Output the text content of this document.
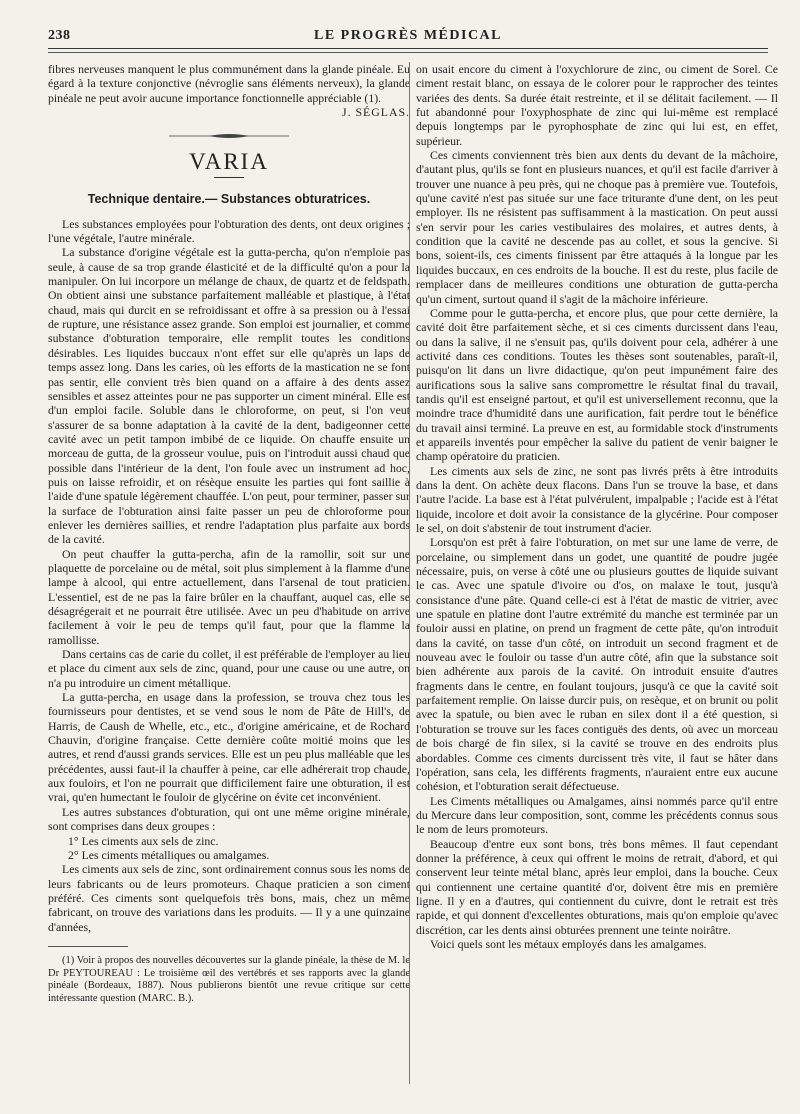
238	LE PROGRÈS MÉDICAL

fibres nerveuses manquent le plus communément dans la glande pinéale. Eu égard à la texture conjonctive (névroglie sans éléments nerveux), la glande pinéale ne peut avoir aucune importance fonctionnelle appréciable (1).

J. SÉGLAS.
VARIA
Technique dentaire.— Substances obturatrices.

Les substances employées pour l'obturation des dents, ont deux origines ; l'une végétale, l'autre minérale.

La substance d'origine végétale est la gutta-percha, qu'on n'emploie pas seule, à cause de sa trop grande élasticité et de la difficulté qu'on a pour la manipuler. On lui incorpore un mélange de chaux, de quartz et de feldspath. On obtient ainsi une substance parfaitement malléable et plastique, à l'état chaud, mais qui durcit en se refroidissant et offre à sa pression ou à l'essai de rupture, une résistance assez grande. Son emploi est journalier, et comme substance d'obturation temporaire, elle remplit toutes les conditions désirables. Les liquides buccaux n'ont effet sur elle qu'après un laps de temps assez long. Dans les caries, où les efforts de la mastication ne se font pas sentir, elle convient très bien quand on a affaire à des dents assez sensibles et assez atteintes pour ne pas supporter un ciment minéral. Elle est d'un emploi facile. Soluble dans le chloroforme, on peut, si l'on veut s'assurer de sa bonne adaptation à la cavité de la dent, badigeonner cette cavité avec un petit tampon imbibé de ce liquide. On chauffe ensuite un morceau de gutta, de la grosseur voulue, puis on l'introduit aussi chaud que possible dans l'intérieur de la dent, l'on foule avec un instrument ad hoc, puis on laisse refroidir, et on résèque ensuite les parties qui font saillie à l'aide d'une spatule légèrement chauffée. L'on peut, pour terminer, passer sur la surface de l'obturation ainsi faite passer un peu de chloroforme pour enlever les dernières saillies, et rendre l'adaptation plus parfaite aux bords de la cavité.

On peut chauffer la gutta-percha, afin de la ramollir, soit sur une plaquette de porcelaine ou de métal, soit plus simplement à la flamme d'une lampe à alcool, qui entre actuellement, dans l'arsenal de tout praticien. L'essentiel, est de ne pas la faire brûler en la chauffant, auquel cas, elle se désagrégerait et ne pourrait être utilisée. Avec un peu d'habitude on arrive facilement à voir le peu de temps qu'il faut, pour que la flamme la ramollisse.

Dans certains cas de carie du collet, il est préférable de l'employer au lieu et place du ciment aux sels de zinc, quand, pour une cause ou une autre, on n'a pu introduire un ciment métallique.

La gutta-percha, en usage dans la profession, se trouva chez tous les fournisseurs pour dentistes, et se vend sous le nom de Pâte de Hill's, de Harris, de Caush de Whelle, etc., etc., d'origine américaine, et de Rochard Chauvin, d'origine française. Cette dernière coûte moitié moins que les autres, et rend d'aussi grands services. Elle est un peu plus malléable que les précédentes, aussi faut-il la chauffer à peine, car elle adhérerait trop chaude, aux fouloirs, et l'on ne pourrait que difficilement faire une obturation, il est vrai, qu'en humectant le fouloir de glycérine on évite cet inconvénient.

Les autres substances d'obturation, qui ont une même origine minérale, sont comprises dans deux groupes :

1° Les ciments aux sels de zinc.

2° Les ciments métalliques ou amalgames.

Les ciments aux sels de zinc, sont ordinairement connus sous les noms de leurs fabricants ou de leurs promoteurs. Chaque praticien a son ciment préféré. Ces ciments sont quelquefois très bons, mais, chez un même fabricant, on trouve des variations dans les produits. — Il y a une quinzaine d'années,

(1) Voir à propos des nouvelles découvertes sur la glande pinéale, la thèse de M. le Dr PEYTOUREAU : Le troisième œil des vertébrés et ses rapports avec la glande pinéale (Bordeaux, 1887). Nous publierons bientôt une revue critique sur cette intéressante question (MARC. B.).

on usait encore du ciment à l'oxychlorure de zinc, ou ciment de Sorel. Ce ciment restait blanc, on essaya de le colorer pour le rapprocher des teintes variées des dents. Sa durée était restreinte, et il se délitait facilement. — Il fut abandonné pour l'oxyphosphate de zinc qui lui-même est remplacé depuis longtemps par le pyrophosphate de zinc qui lui est, en effet, supérieur.

Ces ciments conviennent très bien aux dents du devant de la mâchoire, d'autant plus, qu'ils se font en plusieurs nuances, et qu'il est facile d'arriver à trouver une nuance à peu près, qui ne choque pas à première vue. Toutefois, qu'une cavité n'est pas située sur une face triturante d'une dent, on les peut employer. Ils ne résistent pas suffisamment à la mastication. On peut aussi s'en servir pour les caries vestibulaires des molaires, et autres dents, à condition que la cavité ne descende pas au collet, et sous la gencive. Si bons, soient-ils, ces ciments finissent par être attaqués à la longue par les liquides buccaux, en ces endroits de la bouche. Il est du reste, plus facile de remplacer dans de meilleures conditions une obturation de gutta-percha qu'un ciment, surtout quand il s'agit de la mâchoire inférieure.

Comme pour le gutta-percha, et encore plus, que pour cette dernière, la cavité doit être parfaitement sèche, et si ces ciments durcissent dans l'eau, ou dans la salive, il ne s'ensuit pas, qu'ils doivent pour cela, adhérer à une activité dans ces conditions. Toutes les thèses sont soutenables, paraît-il, puisqu'on lit dans un livre didactique, qu'on peut impunément faire des aurifications sous la salive sans compromettre le résultat final du travail, tandis qu'il est enseigné partout, et qu'il est universellement reconnu, que la moindre trace d'humidité dans une aurification, fait perdre tout le bénéfice du travail ainsi terminé. La preuve en est, au formidable stock d'instruments et appareils inventés pour empêcher la salive du patient de venir baigner le champ opératoire du praticien.

Les ciments aux sels de zinc, ne sont pas livrés prêts à être introduits dans la dent. On achète deux flacons. Dans l'un se trouve la base, et dans l'autre l'acide. La base est à l'état pulvérulent, impalpable ; l'acide est à l'état liquide, incolore et doit avoir la consistance de la glycérine. Pour composer le sel, on doit s'abstenir de tout instrument d'acier.

Lorsqu'on est prêt à faire l'obturation, on met sur une lame de verre, de porcelaine, ou simplement dans un godet, une quantité de poudre jugée nécessaire, puis, on verse à côté une ou plusieurs gouttes de liquide suivant le cas. Avec une spatule d'ivoire ou d'os, on malaxe le tout, jusqu'à consistance d'une pâte. Quand celle-ci est à l'état de mastic de vitrier, avec une spatule en platine dont l'autre extrémité du manche est terminée par un fouloir aussi en platine, on prend un fragment de cette pâte, qu'on introduit dans la cavité, on tasse d'un côté, on introduit un second fragment et de nouveau avec le fouloir ou tasse d'un autre côté, afin que la substance soit bien adhérente aux parois de la cavité. On introduit ensuite d'autres fragments dans le centre, en foulant toujours, jusqu'à ce que la cavité soit parfaitement remplie. On laisse durcir puis, on resèque, et on brunit ou polit avec la spatule, ou bien avec le ruban en silex dont il a été question, si l'obturation se trouve sur les faces contiguës des dents, où avec un morceau de bois chargé de fin silex, si la cavité se trouve en des endroits plus abordables. Comme ces ciments durcissent très vite, il faut se hâter dans l'opération, sans cela, les différents fragments, n'auraient entre eux aucune cohésion, et l'obturation serait défectueuse.

Les Ciments métalliques ou Amalgames, ainsi nommés parce qu'il entre du Mercure dans leur composition, sont, comme les précédents connus sous le nom de leurs promoteurs.

Beaucoup d'entre eux sont bons, très bons mêmes. Il faut cependant donner la préférence, à ceux qui offrent le moins de retrait, d'abord, et qui conservent leur teinte métal blanc, après leur emploi, dans la bouche. Ceux qui contiennent une certaine quantité d'or, doivent être mis en première ligne. Il y en a d'autres, qui contiennent du cuivre, dont le retrait est très rapide, et qui donnent d'excellentes obturations, mais qu'on emploie qu'avec discrétion, car les dents ainsi obturées prennent une teinte noirâtre.

Voici quels sont les métaux employés dans les amalgames.
